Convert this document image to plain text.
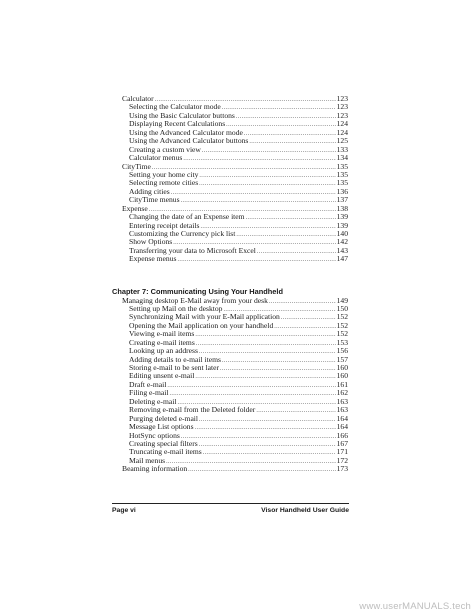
Calculator .....	123
Selecting the Calculator mode .....	123
Using the Basic Calculator buttons .....	123
Displaying Recent Calculations .....	124
Using the Advanced Calculator mode .....	124
Using the Advanced Calculator buttons .....	125
Creating a custom view .....	133
Calculator menus .....	134
CityTime .....	135
Setting your home city .....	135
Selecting remote cities .....	135
Adding cities .....	136
CityTime menus .....	137
Expense .....	138
Changing the date of an Expense item .....	139
Entering receipt details .....	139
Customizing the Currency pick list .....	140
Show Options .....	142
Transferring your data to Microsoft Excel .....	143
Expense menus .....	147
Chapter 7: Communicating Using Your Handheld
Managing desktop E-Mail away from your desk .....	149
Setting up Mail on the desktop .....	150
Synchronizing Mail with your E-Mail application .....	152
Opening the Mail application on your handheld .....	152
Viewing e-mail items .....	152
Creating e-mail items .....	153
Looking up an address .....	156
Adding details to e-mail items .....	157
Storing e-mail to be sent later .....	160
Editing unsent e-mail .....	160
Draft e-mail .....	161
Filing e-mail .....	162
Deleting e-mail .....	163
Removing e-mail from the Deleted folder .....	163
Purging deleted e-mail .....	164
Message List options .....	164
HotSync options .....	166
Creating special filters .....	167
Truncating e-mail items .....	171
Mail menus .....	172
Beaming information .....	173
Page vi	Visor Handheld User Guide
www.userMANUALS.tech
